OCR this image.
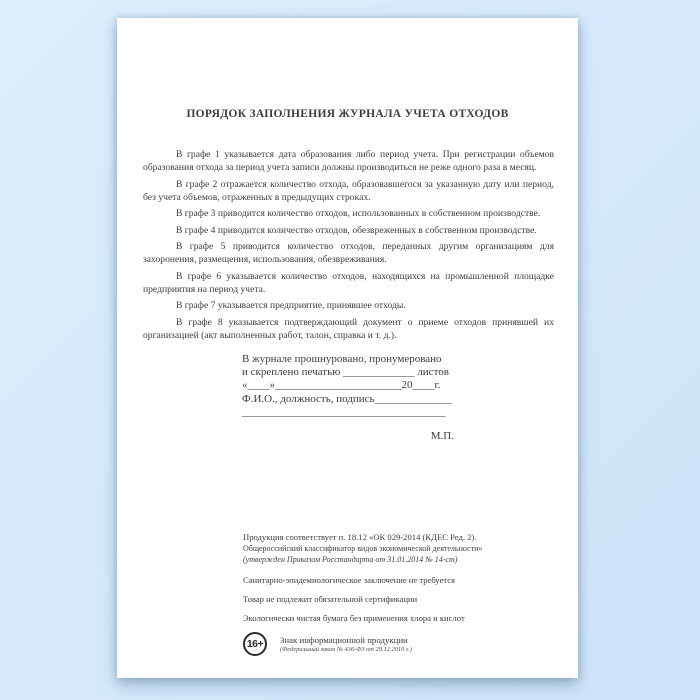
ПОРЯДОК ЗАПОЛНЕНИЯ ЖУРНАЛА УЧЕТА ОТХОДОВ

В графе 1 указывается дата образования либо период учета. При регистрации объемов образования отхода за период учета записи должны производиться не реже одного раза в месяц.

В графе 2 отражается количество отхода, образовавшегося за указанную дату или период, без учета объемов, отраженных в предыдущих строках.

В графе 3 приводится количество отходов, использованных в собственном производстве.

В графе 4 приводится количество отходов, обезвреженных в собственном производстве.

В графе 5 приводится количество отходов, переданных другим организациям для захоронения, размещения, использования, обезвреживания.

В графе 6 указывается количество отходов, находящихся на промышленной площадке предприятия на период учета.

В графе 7 указывается предприятие, принявшее отходы.

В графе 8 указывается подтверждающий документ о приеме отходов принявшей их организацией (акт выполненных работ, талон, справка и т. д.).

В журнале прошнуровано, пронумеровано

и скреплено печатью _____________ листов

«____»_______________________20____г.

Ф.И.О., должность, подпись______________

_____________________________________

М.П.

Продукция соответствует п. 18.12 «ОК 029-2014 (КДЕС Ред. 2).

Общероссийский классификатор видов экономической деятельности»

(утвержден Приказом Росстандарта от 31.01.2014 № 14-ст)

Санитарно-эпидемиологическое заключение не требуется

Товар не подлежит обязательной сертификации

Экологически чистая бумага без применения хлора и кислот

16+	Знак информационной продукции

(Федеральный закон № 436-ФЗ от 29.12.2010 г.)
